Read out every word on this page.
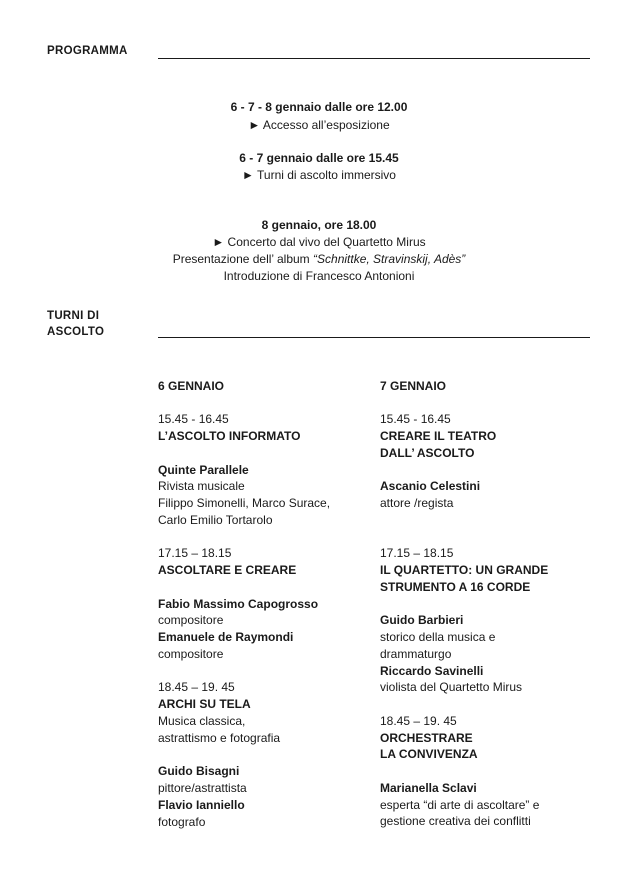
PROGRAMMA
6 - 7 - 8 gennaio dalle ore 12.00
► Accesso all’esposizione
6 - 7 gennaio dalle ore 15.45
► Turni di ascolto immersivo
8 gennaio, ore 18.00
► Concerto dal vivo del Quartetto Mirus
Presentazione dell’ album “Schnittke, Stravinskij, Adès”
Introduzione di Francesco Antonioni
TURNI DI
ASCOLTO
6 GENNAIO
15.45 - 16.45
L’ASCOLTO INFORMATO
Quinte Parallele
Rivista musicale
Filippo Simonelli, Marco Surace,
Carlo Emilio Tortarolo
17.15 – 18.15
ASCOLTARE E CREARE
Fabio Massimo Capogrosso
compositore
Emanuele de Raymondi
compositore
18.45 – 19. 45
ARCHI SU TELA
Musica classica,
astrattismo e fotografia
Guido Bisagni
pittore/astrattista
Flavio Ianniello
fotografo
7 GENNAIO
15.45 - 16.45
CREARE IL TEATRO
DALL’ ASCOLTO
Ascanio Celestini
attore /regista
17.15 – 18.15
IL QUARTETTO: UN GRANDE
STRUMENTO A 16 CORDE
Guido Barbieri
storico della musica e
drammaturgo
Riccardo Savinelli
violista del Quartetto Mirus
18.45 – 19. 45
ORCHESTRARE
LA CONVIVENZA
Marianella Sclavi
esperta “di arte di ascoltare” e
gestione creativa dei conflitti
